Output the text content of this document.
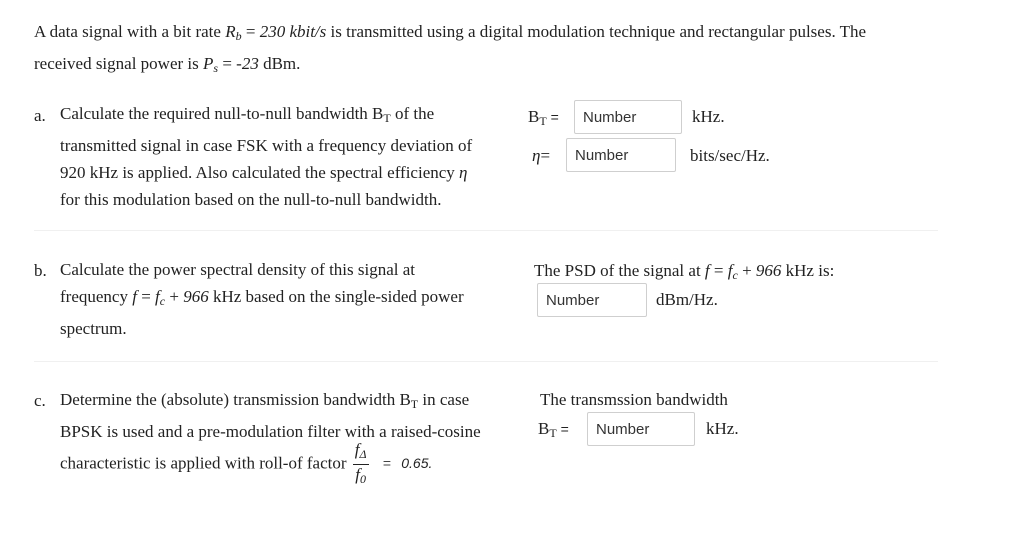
A data signal with a bit rate $R_b = 230$ kbit/s is transmitted using a digital modulation technique and rectangular pulses. The
received signal power is $P_s = -23$ dBm.
a. Calculate the required null-to-null bandwidth $B_T$ of the
transmitted signal in case FSK with a frequency deviation of
920 kHz is applied. Also calculated the spectral efficiency η
for this modulation based on the null-to-null bandwidth.
$B_T$ =
Number	kHz.
η=
Number	bits/sec/Hz.
b. Calculate the power spectral density of this signal at
frequency $f = f_c + 966$ kHz based on the single-sided power
spectrum.
The PSD of the signal at $f = f_c + 966$ kHz is:
Number
dBm/Hz.
c. Determine the (absolute) transmission bandwidth $B_T$ in case
BPSK is used and a pre-modulation filter with a raised-cosine
characteristic is applied with roll-of factor $\frac{f_\Delta}{f_0} = 0.65$.
The transmssion bandwidth
$B_T$ =
Number	kHz.
